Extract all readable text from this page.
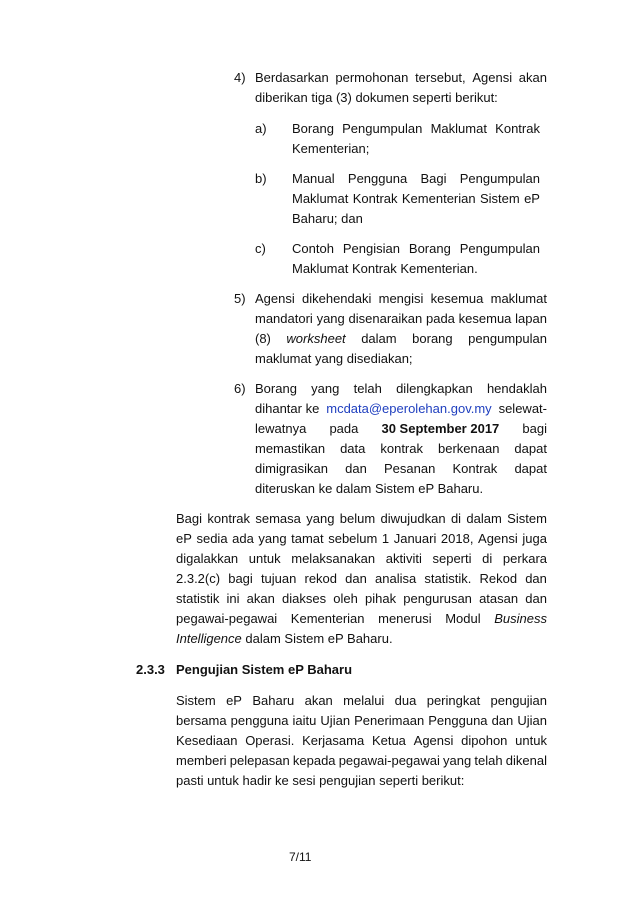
4) Berdasarkan permohonan tersebut, Agensi akan
diberikan tiga (3) dokumen seperti berikut:
a) Borang Pengumpulan Maklumat Kontrak
Kementerian;
b) Manual Pengguna Bagi Pengumpulan
Maklumat Kontrak Kementerian Sistem eP
Baharu; dan
c) Contoh Pengisian Borang Pengumpulan
Maklumat Kontrak Kementerian.
5) Agensi dikehendaki mengisi kesemua maklumat
mandatori yang disenaraikan pada kesemua lapan
(8) worksheet dalam borang pengumpulan
maklumat yang disediakan;
6) Borang yang telah dilengkapkan hendaklah
dihantar ke mcdata@eperolehan.gov.my selewat-
lewatnya pada 30 September 2017 bagi
memastikan data kontrak berkenaan dapat
dimigrasikan dan Pesanan Kontrak dapat
diteruskan ke dalam Sistem eP Baharu.
Bagi kontrak semasa yang belum diwujudkan di dalam Sistem
eP sedia ada yang tamat sebelum 1 Januari 2018, Agensi juga
digalakkan untuk melaksanakan aktiviti seperti di perkara
2.3.2(c) bagi tujuan rekod dan analisa statistik. Rekod dan
statistik ini akan diakses oleh pihak pengurusan atasan dan
pegawai-pegawai Kementerian menerusi Modul Business
Intelligence dalam Sistem eP Baharu.
2.3.3 Pengujian Sistem eP Baharu
Sistem eP Baharu akan melalui dua peringkat pengujian
bersama pengguna iaitu Ujian Penerimaan Pengguna dan Ujian
Kesediaan Operasi. Kerjasama Ketua Agensi dipohon untuk
memberi pelepasan kepada pegawai-pegawai yang telah dikenal
pasti untuk hadir ke sesi pengujian seperti berikut:
7/11
